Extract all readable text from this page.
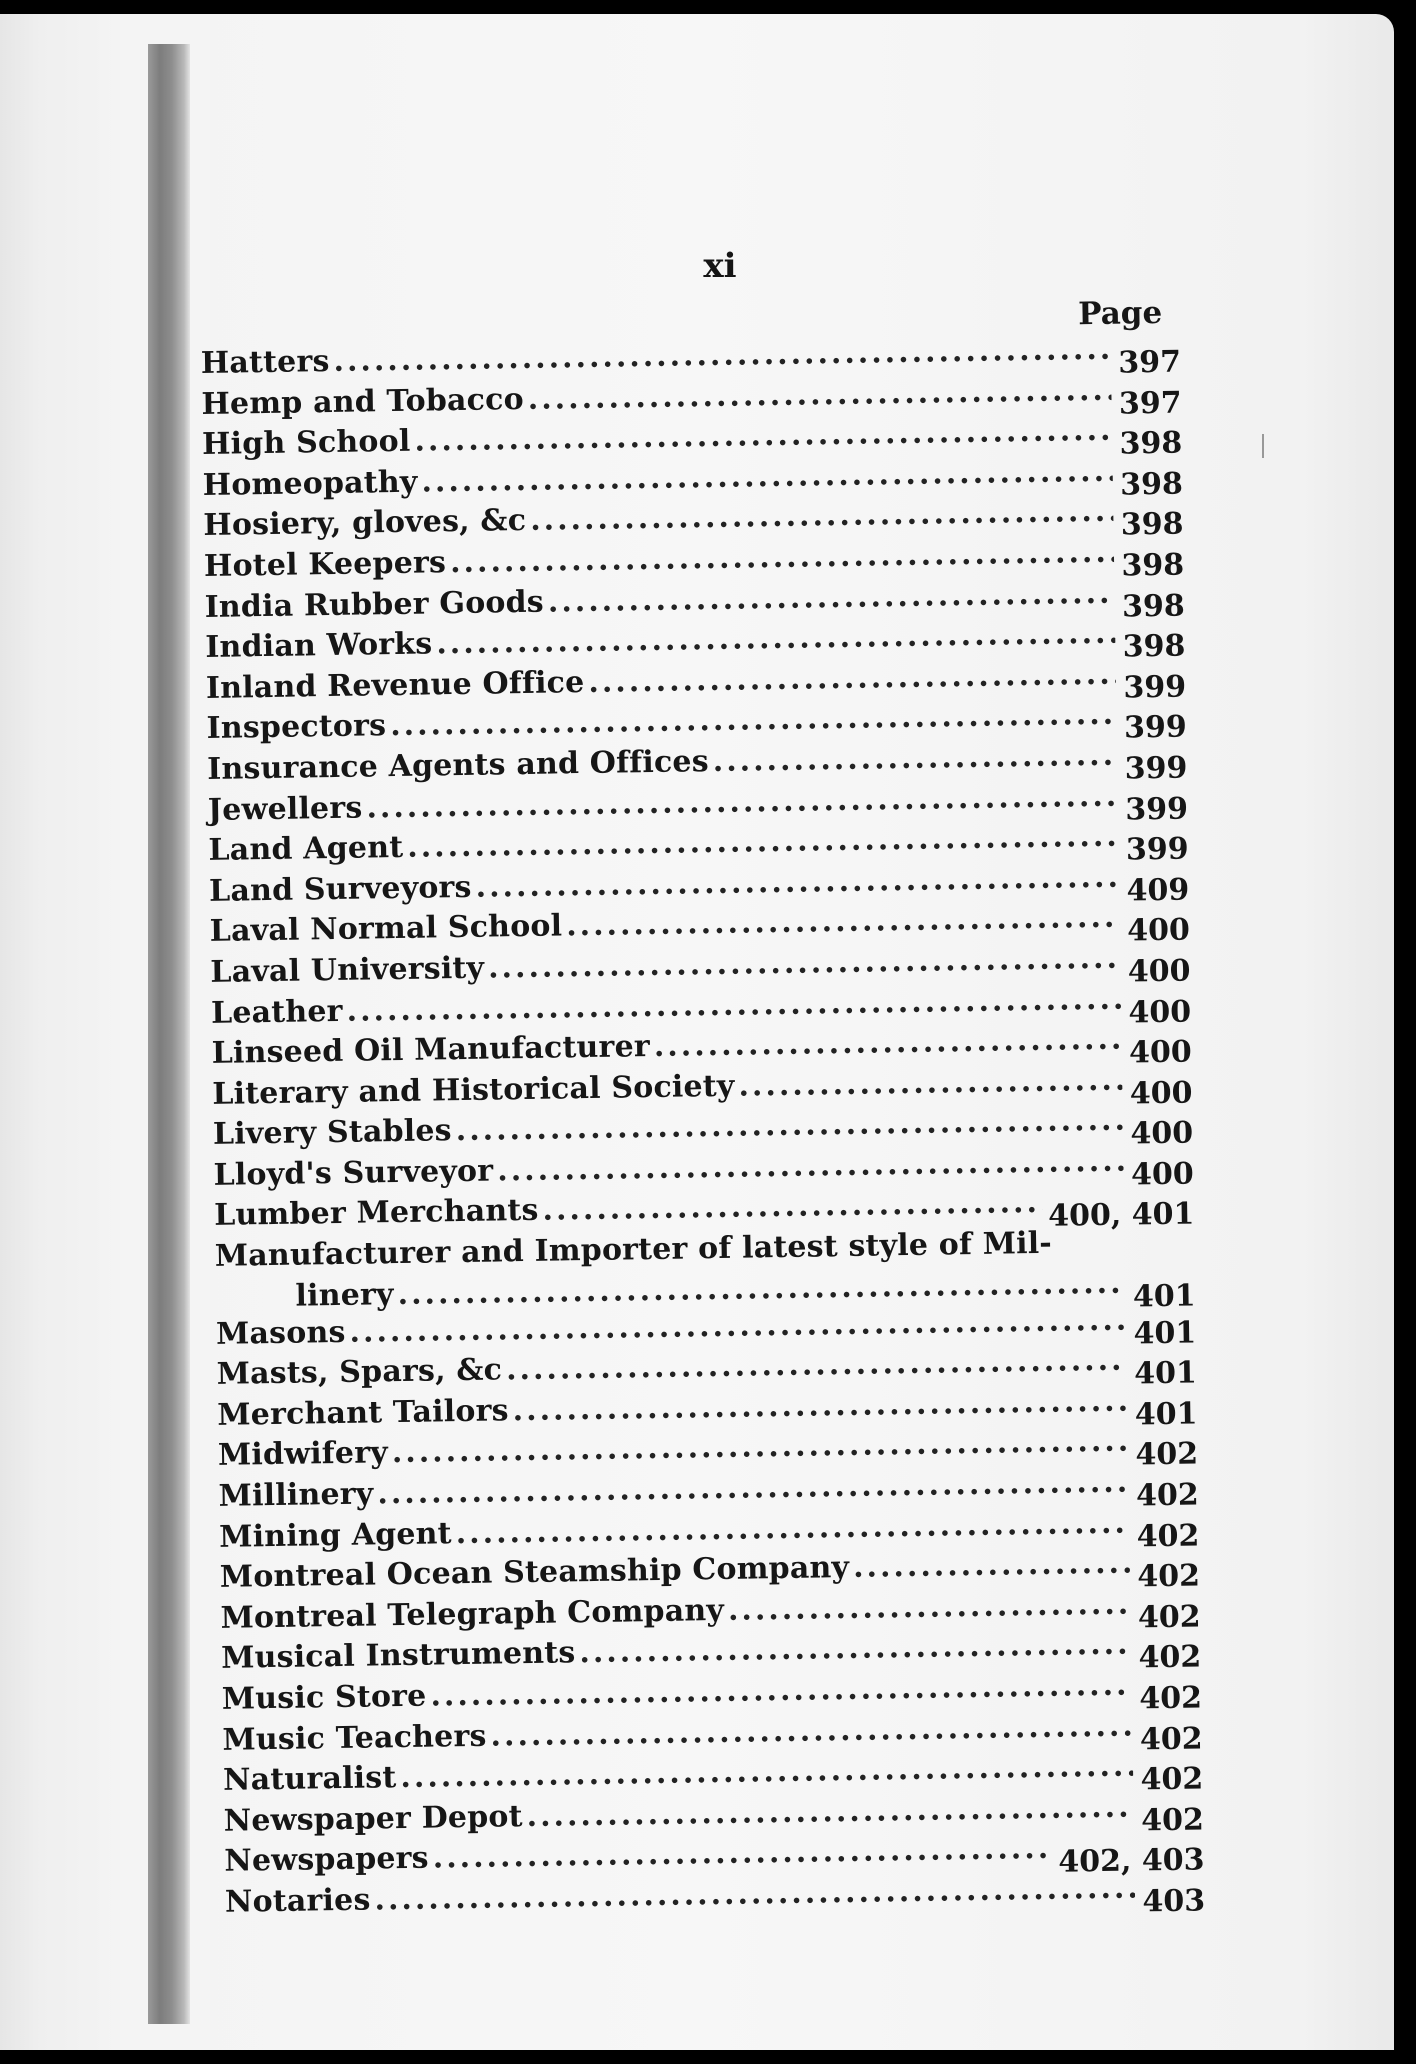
xi
Page
Hatters .....	397
Hemp and Tobacco .....	397
High School .....	398
Homeopathy .....	398
Hosiery, gloves, &c .....	398
Hotel Keepers .....	398
India Rubber Goods .....	398
Indian Works .....	398
Inland Revenue Office .....	399
Inspectors .....	399
Insurance Agents and Offices .....	399
Jewellers .....	399
Land Agent .....	399
Land Surveyors .....	409
Laval Normal School .....	400
Laval University .....	400
Leather .....	400
Linseed Oil Manufacturer .....	400
Literary and Historical Society .....	400
Livery Stables .....	400
Lloyd's Surveyor .....	400
Lumber Merchants .....	400, 401
Manufacturer and Importer of latest style of Mil-
linery .....	401
Masons .....	401
Masts, Spars, &c .....	401
Merchant Tailors .....	401
Midwifery .....	402
Millinery .....	402
Mining Agent .....	402
Montreal Ocean Steamship Company .....	402
Montreal Telegraph Company .....	402
Musical Instruments .....	402
Music Store .....	402
Music Teachers .....	402
Naturalist .....	402
Newspaper Depot .....	402
Newspapers .....	402, 403
Notaries .....	403
